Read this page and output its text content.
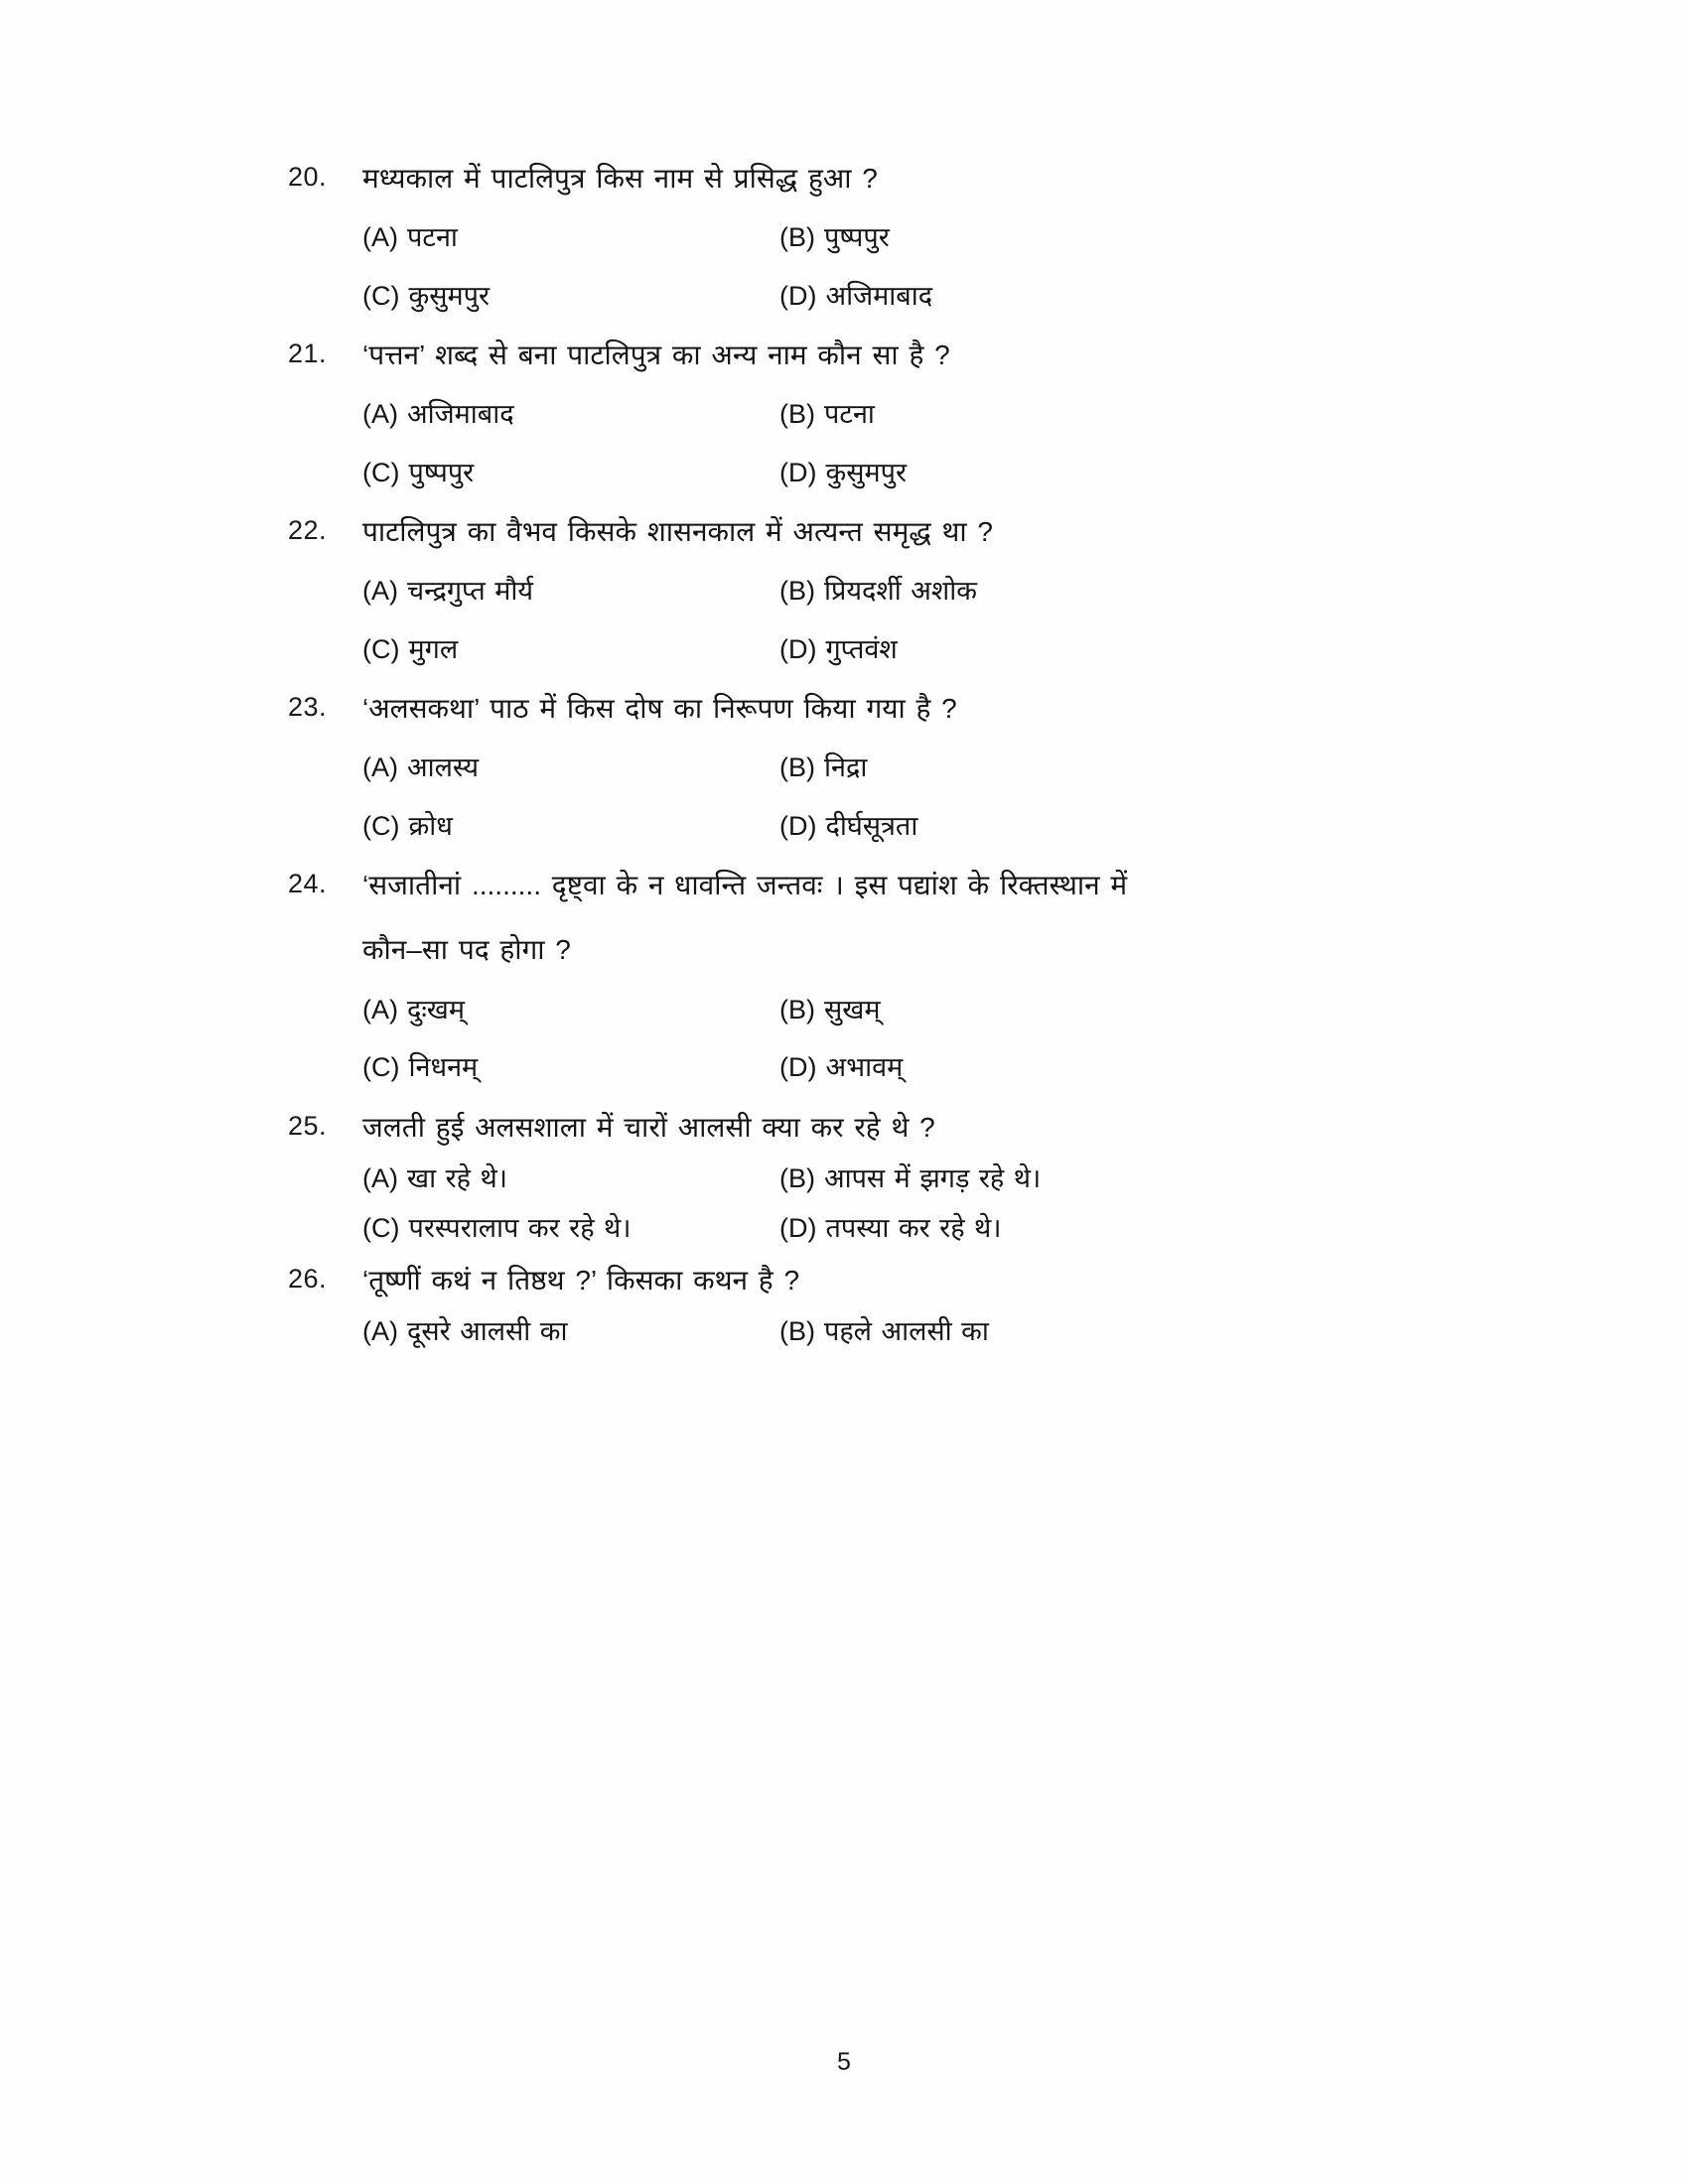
20.	मध्यकाल में पाटलिपुत्र किस नाम से प्रसिद्ध हुआ ?
(A) पटना	(B) पुष्पपुर
(C) कुसुमपुर	(D) अजिमाबाद
21.	‘पत्तन’ शब्द से बना पाटलिपुत्र का अन्य नाम कौन सा है ?
(A) अजिमाबाद	(B) पटना
(C) पुष्पपुर	(D) कुसुमपुर
22.	पाटलिपुत्र का वैभव किसके शासनकाल में अत्यन्त समृद्ध था ?
(A) चन्द्रगुप्त मौर्य	(B) प्रियदर्शी अशोक
(C) मुगल	(D) गुप्तवंश
23.	‘अलसकथा’ पाठ में किस दोष का निरूपण किया गया है ?
(A) आलस्य	(B) निद्रा
(C) क्रोध	(D) दीर्घसूत्रता
24.	‘सजातीनां ......... दृष्ट्वा के न धावन्ति जन्तवः । इस पद्यांश के रिक्तस्थान में
कौन–सा पद होगा ?
(A) दुःखम्	(B) सुखम्
(C) निधनम्	(D) अभावम्
25.	जलती हुई अलसशाला में चारों आलसी क्या कर रहे थे ?
(A) खा रहे थे।	(B) आपस में झगड़ रहे थे।
(C) परस्परालाप कर रहे थे।	(D) तपस्या कर रहे थे।
26.	‘तूष्णीं कथं न तिष्ठथ ?’ किसका कथन है ?
(A) दूसरे आलसी का	(B) पहले आलसी का
5
